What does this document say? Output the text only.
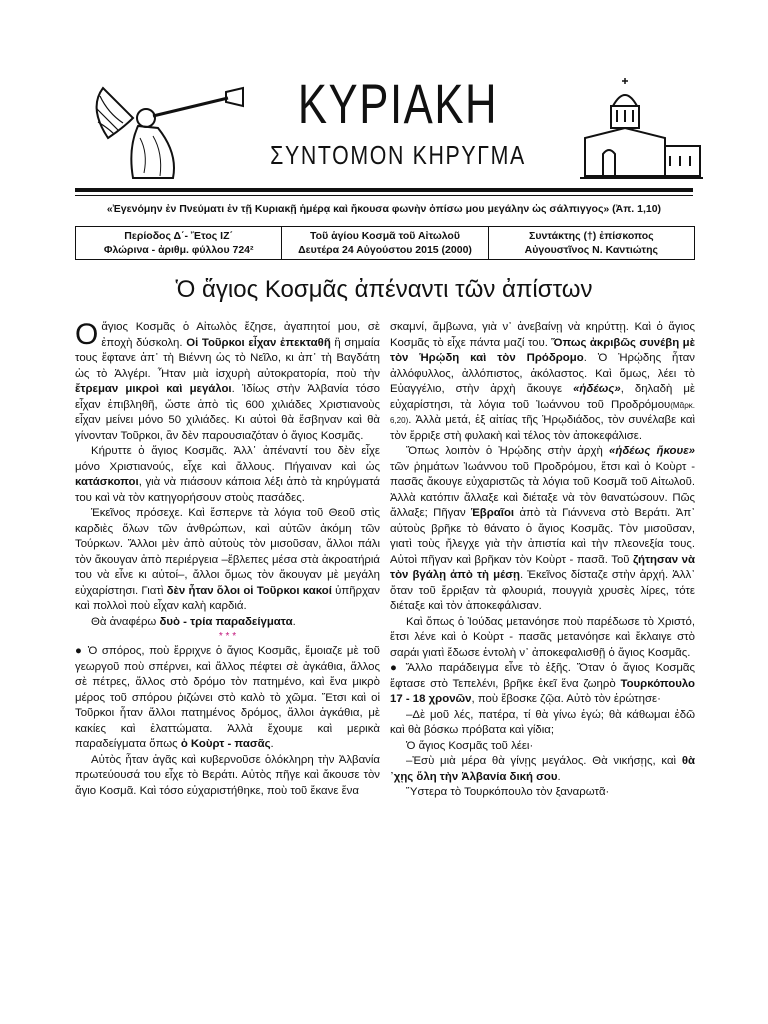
ΚΥΡΙΑΚΗ
ΣΥΝΤΟΜΟΝ ΚΗΡΥΓΜΑ
«Ἐγενόμην ἐν Πνεύματι ἐν τῇ Κυριακῇ ἡμέρᾳ καὶ ἤκουσα φωνὴν ὀπίσω μου μεγάλην ὡς σάλπιγγος» (Ἀπ. 1,10)
Περίοδος Δ΄- Ἔτος ΙΖ΄
Φλώρινα - ἀριθμ. φύλλου 724²
Τοῦ ἁγίου Κοσμᾶ τοῦ Αἰτωλοῦ
Δευτέρα 24 Αὐγούστου 2015 (2000)
Συντάκτης (†) ἐπίσκοπος
Αὐγουστῖνος Ν. Καντιώτης
Ὁ ἅγιος Κοσμᾶς ἀπέναντι τῶν ἀπίστων

Ο ἅγιος Κοσμᾶς ὁ Αἰτωλὸς ἔζησε, ἀγαπητοί μου, σὲ ἐποχὴ δύσκολη. Οἱ Τοῦρκοι εἶχαν ἐπεκταθῆ ἢ σημαία τους ἔφτανε ἀπ᾽ τὴ Βιέννη ὡς τὸ Νεῖλο, κι ἀπ᾽ τὴ Βαγδάτη ὡς τὸ Ἀλγέρι. Ἦταν μιὰ ἰσχυρὴ αὐτοκρατορία, ποὺ τὴν ἔτρεμαν μικροὶ καὶ μεγάλοι. Ἰδίως στὴν Ἀλβανία τόσο εἶχαν ἐπιβληθῆ, ὥστε ἀπὸ τὶς 600 χιλιάδες Χριστιανοὺς εἶχαν μείνει μόνο 50 χιλιάδες. Κι αὐτοὶ θὰ ἔσβηναν καὶ θὰ γίνονταν Τοῦρκοι, ἂν δὲν παρουσιαζόταν ὁ ἅγιος Κοσμᾶς.

Κήρυττε ὁ ἅγιος Κοσμᾶς. Ἀλλ᾽ ἀπέναντί του δὲν εἶχε μόνο Χριστιανούς, εἶχε καὶ ἄλλους. Πήγαιναν καὶ ὡς κατάσκοποι, γιὰ νὰ πιάσουν κάποια λέξι ἀπὸ τὰ κηρύγματά του καὶ νὰ τὸν κατηγορήσουν στοὺς πασάδες.

Ἐκεῖνος πρόσεχε. Καὶ ἔσπερνε τὰ λόγια τοῦ Θεοῦ στὶς καρδιὲς ὅλων τῶν ἀνθρώπων, καὶ αὐτῶν ἀκόμη τῶν Τούρκων. Ἄλλοι μὲν ἀπὸ αὐτοὺς τὸν μισοῦσαν, ἄλλοι πάλι τὸν ἄκουγαν ἀπὸ περιέργεια –ἔβλεπες μέσα στὰ ἀκροατήριά του νὰ εἶνε κι αὐτοί–, ἄλλοι ὅμως τὸν ἄκουγαν μὲ μεγάλη εὐχαρίστησι. Γιατὶ δὲν ἦταν ὅλοι οἱ Τοῦρκοι κακοί ὑπῆρχαν καὶ πολλοὶ ποὺ εἶχαν καλὴ καρδιά.

Θὰ ἀναφέρω δυὸ - τρία παραδείγματα.

* * *

● Ὁ σπόρος, ποὺ ἔρριχνε ὁ ἅγιος Κοσμᾶς, ἔμοιαζε μὲ τοῦ γεωργοῦ ποὺ σπέρνει, καὶ ἄλλος πέφτει σὲ ἀγκάθια, ἄλλος σὲ πέτρες, ἄλλος στὸ δρόμο τὸν πατημένο, καὶ ἕνα μικρὸ μέρος τοῦ σπόρου ῥιζώνει στὸ καλὸ τὸ χῶμα. Ἔτσι καὶ οἱ Τοῦρκοι ἦταν ἄλλοι πατημένος δρόμος, ἄλλοι ἀγκάθια, μὲ κακίες καὶ ἐλαττώματα. Ἀλλὰ ἔχουμε καὶ μερικὰ παραδείγματα ὅπως ὁ Κοὺρτ - πασᾶς.

Αὐτὸς ἦταν ἀγᾶς καὶ κυβερνοῦσε ὁλόκληρη τὴν Ἀλβανία πρωτεύουσά του εἶχε τὸ Βεράτι. Αὐτὸς πῆγε καὶ ἄκουσε τὸν ἅγιο Κοσμᾶ. Καὶ τόσο εὐχαριστήθηκε, ποὺ τοῦ ἔκανε ἕνα

σκαμνί, ἄμβωνα, γιὰ ν᾽ ἀνεβαίνῃ νὰ κηρύττῃ. Καὶ ὁ ἅγιος Κοσμᾶς τὸ εἶχε πάντα μαζί του. Ὅπως ἀκριβῶς συνέβη μὲ τὸν Ἡρῴδη καὶ τὸν Πρόδρομο. Ὁ Ἡρῴδης ἦταν ἀλλόφυλλος, ἀλλόπιστος, ἀκόλαστος. Καὶ ὅμως, λέει τὸ Εὐαγγέλιο, στὴν ἀρχὴ ἄκουγε «ἡδέως», δηλαδὴ μὲ εὐχαρίστησι, τὰ λόγια τοῦ Ἰωάννου τοῦ Προδρόμου(Μᾶρκ. 6,20). Ἀλλὰ μετά, ἐξ αἰτίας τῆς Ἡρῳδιάδος, τὸν συνέλαβε καὶ τὸν ἔρριξε στὴ φυλακὴ καὶ τέλος τὸν ἀποκεφάλισε.

Ὅπως λοιπὸν ὁ Ἡρῴδης στὴν ἀρχὴ «ἡδέως ἤκουε» τῶν ῥημάτων Ἰωάννου τοῦ Προδρόμου, ἔτσι καὶ ὁ Κοὺρτ - πασᾶς ἄκουγε εὐχαριστῶς τὰ λόγια τοῦ Κοσμᾶ τοῦ Αἰτωλοῦ. Ἀλλὰ κατόπιν ἄλλαξε καὶ διέταξε νὰ τὸν θανατώσουν. Πῶς ἄλλαξε; Πῆγαν Ἑβραῖοι ἀπὸ τὰ Γιάννενα στὸ Βεράτι. Ἀπ᾽ αὐτοὺς βρῆκε τὸ θάνατο ὁ ἅγιος Κοσμᾶς. Τὸν μισοῦσαν, γιατὶ τοὺς ἤλεγχε γιὰ τὴν ἀπιστία καὶ τὴν πλεονεξία τους. Αὐτοὶ πῆγαν καὶ βρῆκαν τὸν Κοὺρτ - πασᾶ. Τοῦ ζήτησαν νὰ τὸν βγάλῃ ἀπὸ τὴ μέσῃ. Ἐκεῖνος δίσταζε στὴν ἀρχή. Ἀλλ᾽ ὅταν τοῦ ἔρριξαν τὰ φλουριά, πουγγιὰ χρυσὲς λίρες, τότε διέταξε καὶ τὸν ἀποκεφάλισαν.

Καὶ ὅπως ὁ Ἰούδας μετανόησε ποὺ παρέδωσε τὸ Χριστό, ἔτσι λένε καὶ ὁ Κοὺρτ - πασᾶς μετανόησε καὶ ἔκλαιγε στὸ σαράι γιατὶ ἔδωσε ἐντολὴ ν᾽ ἀποκεφαλισθῇ ὁ ἅγιος Κοσμᾶς.

● Ἄλλο παράδειγμα εἶνε τὸ ἑξῆς. Ὅταν ὁ ἅγιος Κοσμᾶς ἔφτασε στὸ Τεπελένι, βρῆκε ἐκεῖ ἕνα ζωηρὸ Τουρκόπουλο 17 - 18 χρονῶν, ποὺ ἔβοσκε ζῷα. Αὐτὸ τὸν ἐρώτησε·

–Δὲ μοῦ λές, πατέρα, τί θὰ γίνω ἐγώ; θὰ κάθωμαι ἐδῶ καὶ θὰ βόσκω πρόβατα καὶ γίδια;

Ὁ ἅγιος Κοσμᾶς τοῦ λέει·

–Ἐσὺ μιὰ μέρα θὰ γίνῃς μεγάλος. Θὰ νικήσῃς, καὶ θὰ ᾽χῃς ὅλη τὴν Ἀλβανία δική σου.

Ὕστερα τὸ Τουρκόπουλο τὸν ξαναρωτᾶ·
